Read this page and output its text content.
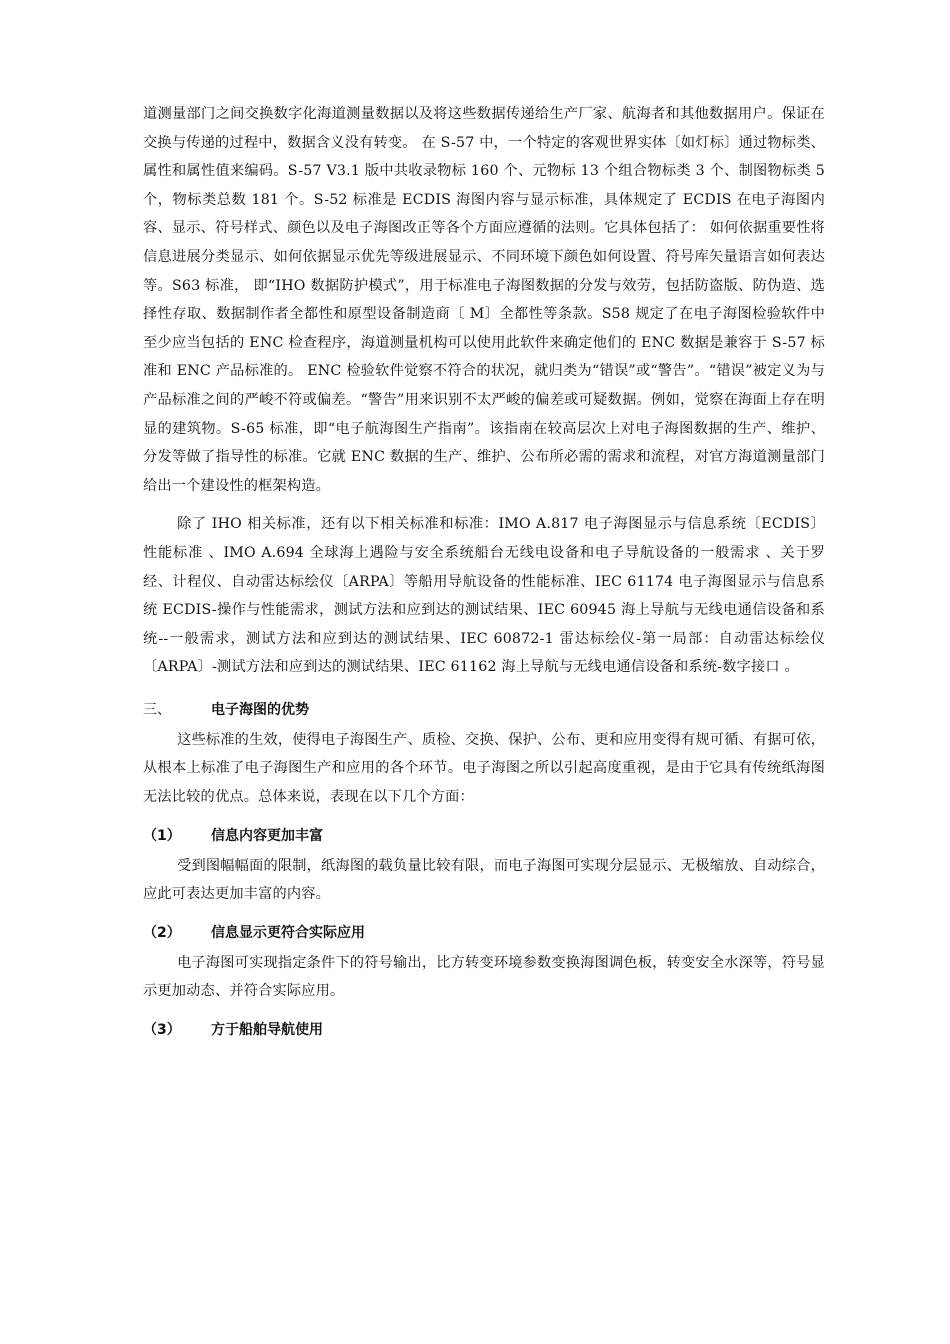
道测量部门之间交换数字化海道测量数据以及将这些数据传递给生产厂家、航海者和其他数据用户。保证在交换与传递的过程中，数据含义没有转变。 在 S-57 中，一个特定的客观世界实体〔如灯标〕通过物标类、属性和属性值来编码。S-57 V3.1 版中共收录物标 160 个、元物标 13 个组合物标类 3 个、制图物标类 5 个，物标类总数 181 个。S-52 标准是 ECDIS 海图内容与显示标准，具体规定了 ECDIS 在电子海图内容、显示、符号样式、颜色以及电子海图改正等各个方面应遵循的法则。它具体包括了： 如何依据重要性将信息进展分类显示、如何依据显示优先等级进展显示、不同环境下颜色如何设置、符号库矢量语言如何表达等。S63 标准， 即“IHO 数据防护模式”，用于标准电子海图数据的分发与效劳，包括防盗版、防伪造、选择性存取、数据制作者全都性和原型设备制造商〔 M〕全都性等条款。S58 规定了在电子海图检验软件中至少应当包括的 ENC 检查程序，海道测量机构可以使用此软件来确定他们的 ENC 数据是兼容于 S-57 标准和 ENC 产品标准的。 ENC 检验软件觉察不符合的状况，就归类为“错误”或“警告”。“错误”被定义为与产品标准之间的严峻不符或偏差。“警告”用来识别不太严峻的偏差或可疑数据。例如，觉察在海面上存在明显的建筑物。S-65 标准，即“电子航海图生产指南”。该指南在较高层次上对电子海图数据的生产、维护、分发等做了指导性的标准。它就 ENC 数据的生产、维护、公布所必需的需求和流程，对官方海道测量部门给出一个建设性的框架构造。

除了 IHO 相关标准，还有以下相关标准和标准：IMO A.817 电子海图显示与信息系统〔ECDIS〕性能标准 、IMO A.694 全球海上遇险与安全系统船台无线电设备和电子导航设备的一般需求 、关于罗经、计程仪、自动雷达标绘仪〔ARPA〕等船用导航设备的性能标准、IEC 61174 电子海图显示与信息系统 ECDIS-操作与性能需求，测试方法和应到达的测试结果、IEC 60945 海上导航与无线电通信设备和系统--一般需求，测试方法和应到达的测试结果、IEC 60872-1 雷达标绘仪-第一局部：自动雷达标绘仪〔ARPA〕-测试方法和应到达的测试结果、IEC 61162 海上导航与无线电通信设备和系统-数字接口 。

三、	电子海图的优势

这些标准的生效，使得电子海图生产、质检、交换、保护、公布、更和应用变得有规可循、有据可依，从根本上标准了电子海图生产和应用的各个环节。电子海图之所以引起高度重视，是由于它具有传统纸海图无法比较的优点。总体来说，表现在以下几个方面：

（1）	信息内容更加丰富

受到图幅幅面的限制，纸海图的载负量比较有限，而电子海图可实现分层显示、无极缩放、自动综合，应此可表达更加丰富的内容。

（2）	信息显示更符合实际应用

电子海图可实现指定条件下的符号输出，比方转变环境参数变换海图调色板，转变安全水深等，符号显示更加动态、并符合实际应用。

（3）	方于船舶导航使用
